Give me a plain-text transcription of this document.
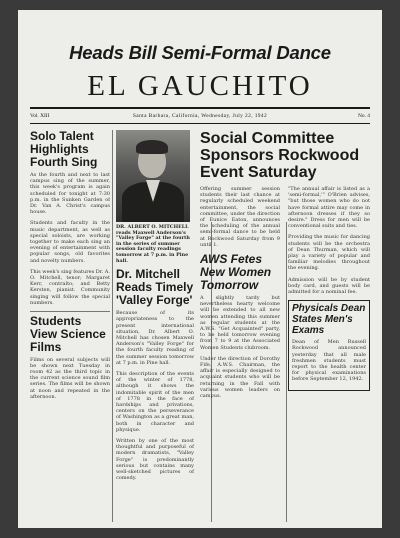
Heads Bill Semi-Formal Dance
EL GAUCHITO
Vol. XIII	Santa Barbara, California, Wednesday, July 22, 1942	No. 4
Solo Talent Highlights Fourth Sing

As the fourth and next to last campus sing of the summer, this week's program is again scheduled for tonight at 7:30 p.m. in the Sunken Garden of Dr. Van A. Christ's campus house.

Students and faculty in the music department, as well as special soloists, are working together to make each sing an evening of entertainment with popular songs, old favorites and novelty numbers.

This week's sing features Dr. A. O. Mitchell, tenor; Margaret Kerr, contralto; and Betty Kersten, pianist. Community singing will follow the special numbers.

Students View Science Films

Films on several subjects will be shown next Tuesday in room 42 as the third topic in the current science sound film series. The films will be shown at noon and repeated in the afternoon.

DR. ALBERT O. MITCHELL reads Maxwell Anderson's "Valley Forge" at the fourth in the series of summer session faculty readings tomorrow at 7 p.m. in Pine hall.

Dr. Mitchell Reads Timely 'Valley Forge'

Because of its appropriateness to the present international situation, Dr. Albert O. Mitchell has chosen Maxwell Anderson's "Valley Forge" for the fourth faculty reading of the summer session tomorrow at 7 p.m. in Pine hall.

This description of the events of the winter of 1778, although it shows the indomitable spirit of the men of 1778 in the face of hardships and privations, centers on the perseverance of Washington as a great man, both in character and physique.

Written by one of the most thoughtful and purposeful of modern dramatists, "Valley Forge" is predominantly serious but contains many well-sketched pictures of comedy.

Social Committee Sponsors Rockwood Event Saturday

Offering summer session students their last chance at regularly scheduled weekend entertainment, the social committee, under the direction of Eunice Eaton, announces the scheduling of the annual semi-formal dance to be held at Rockwood Saturday from 9 until 1.

AWS Fetes New Women Tomorrow

A slightly tardy but nevertheless hearty welcome will be extended to all new women attending this summer as regular students at the A.W.S. "Get Acquainted" party, to be held tomorrow evening from 7 to 9 at the Associated Women Students clubroom.

Under the direction of Dorothy Fife, A.W.S. Chairman, the affair is especially designed to acquaint students who will be returning in the Fall with various women leaders on campus.

"The annual affair is listed as a 'semi-formal,'" O'Brien advises, "but those women who do not have formal attire may come in afternoon dresses if they so desire." Dress for men will be conventional suits and ties.

Providing the music for dancing students will be the orchestra of Dean Thurman, which will play a variety of popular and familiar melodies throughout the evening.

Admission will be by student body card, and guests will be admitted for a nominal fee.

Physicals Dean States Men's Exams

Dean of Men Russell Rockwood announced yesterday that all male freshmen students must report to the health center for physical examinations before September 12, 1942.
